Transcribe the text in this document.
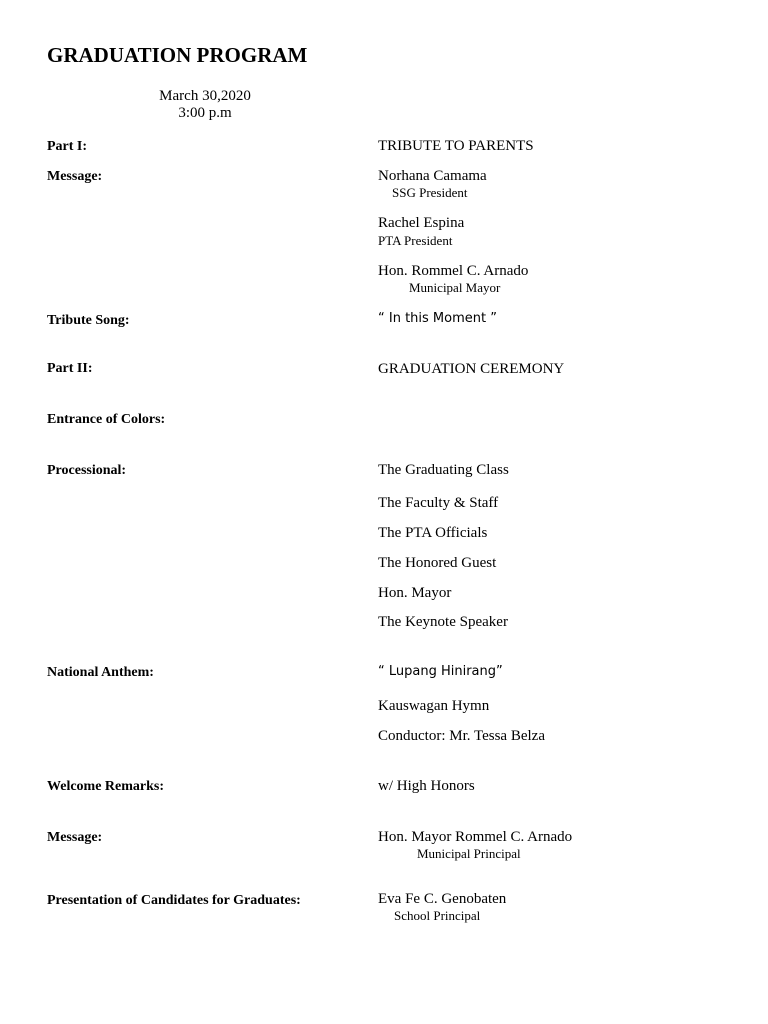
GRADUATION PROGRAM
March 30,2020
3:00 p.m
Part I:	TRIBUTE TO PARENTS
Message:	Norhana Camama
SSG President
Rachel Espina
PTA President
Hon. Rommel C. Arnado
Municipal Mayor
Tribute Song:	“ In this Moment ”
Part II:	GRADUATION CEREMONY
Entrance of Colors:
Processional:	The Graduating Class
The Faculty & Staff
The PTA Officials
The Honored Guest
Hon. Mayor
The Keynote Speaker
National Anthem:	“ Lupang Hinirang”
Kauswagan Hymn
Conductor: Mr. Tessa Belza
Welcome Remarks:	w/ High Honors
Message:	Hon. Mayor Rommel C. Arnado
Municipal Principal
Presentation of Candidates for Graduates:	Eva Fe C. Genobaten
School Principal
